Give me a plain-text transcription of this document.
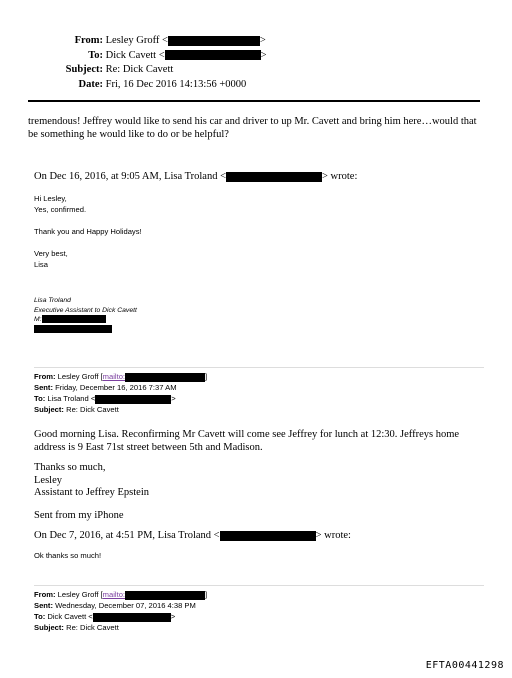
From: Lesley Groff <	>
To: Dick Cavett <	>
Subject: Re: Dick Cavett
Date: Fri, 16 Dec 2016 14:13:56 +0000
tremendous! Jeffrey would like to send his car and driver to up Mr. Cavett and bring him here…would that be something he would like to do or be helpful?
On Dec 16, 2016, at 9:05 AM, Lisa Troland <	> wrote:
Hi Lesley,
Yes, confirmed.
Thank you and Happy Holidays!
Very best,
Lisa
Lisa Troland
Executive Assistant to Dick Cavett
M:
From: Lesley Groff [mailto:	]
Sent: Friday, December 16, 2016 7:37 AM
To: Lisa Troland <	>
Subject: Re: Dick Cavett
Good morning Lisa. Reconfirming Mr Cavett will come see Jeffrey for lunch at 12:30. Jeffreys home address is 9 East 71st street between 5th and Madison.
Thanks so much,
Lesley
Assistant to Jeffrey Epstein
Sent from my iPhone
On Dec 7, 2016, at 4:51 PM, Lisa Troland <	> wrote:
Ok thanks so much!
From: Lesley Groff [mailto:	]
Sent: Wednesday, December 07, 2016 4:38 PM
To: Dick Cavett <	>
Subject: Re: Dick Cavett
EFTA00441298
